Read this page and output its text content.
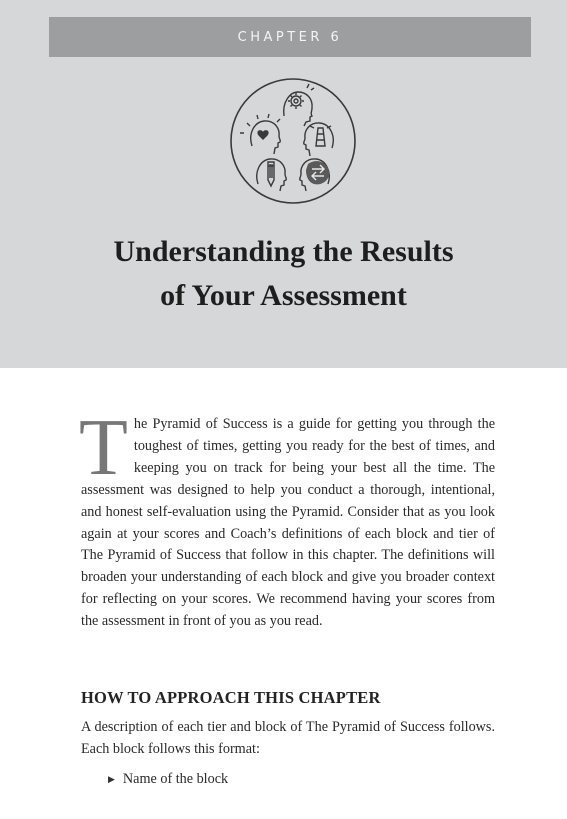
CHAPTER 6
Understanding the Results
of Your Assessment
T he Pyramid of Success is a guide for getting you through the toughest of times, getting you ready for the best of times, and keeping you on track for being your best all the time. The assessment was designed to help you conduct a thorough, intentional, and honest self-evaluation using the Pyramid. Consider that as you look again at your scores and Coach’s definitions of each block and tier of The Pyramid of Success that follow in this chapter. The definitions will broaden your understanding of each block and give you broader context for reflecting on your scores. We recommend having your scores from the assessment in front of you as you read.
HOW TO APPROACH THIS CHAPTER
A description of each tier and block of The Pyramid of Success follows. Each block follows this format:
▶ Name of the block
